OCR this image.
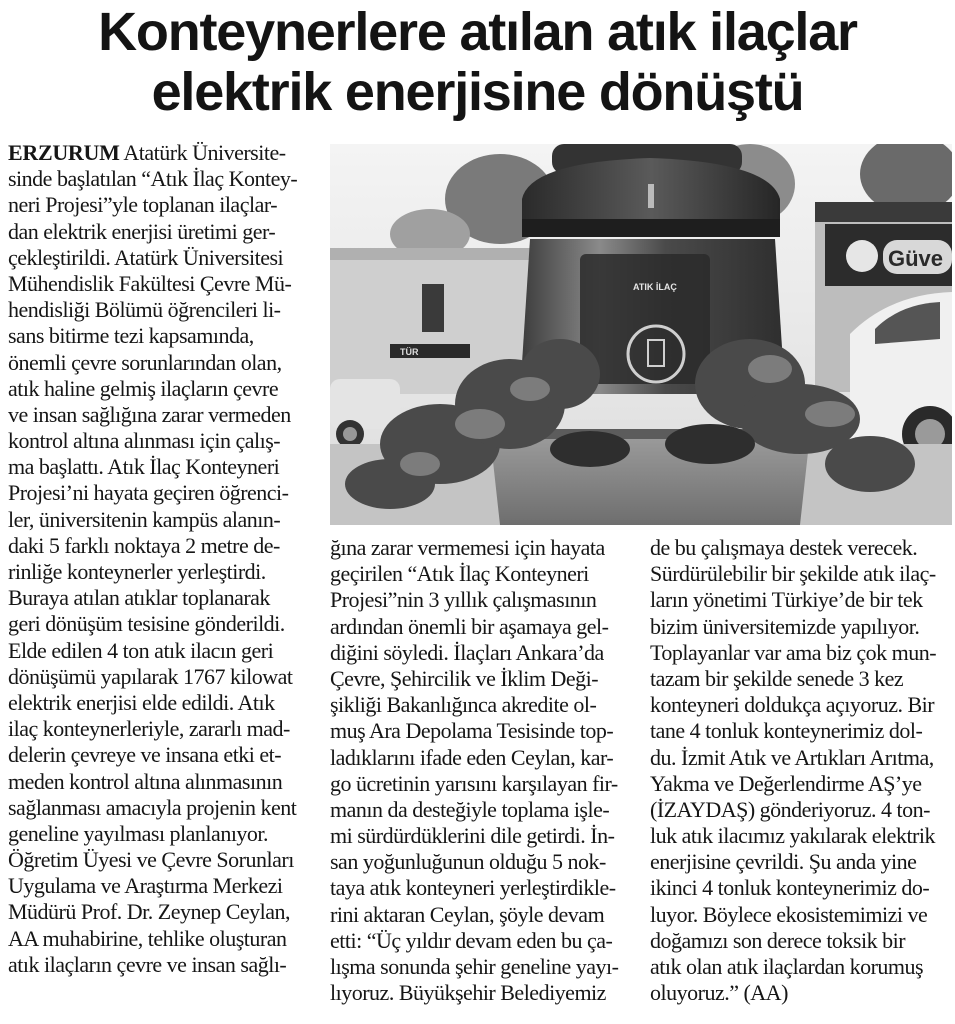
Konteynerlere atılan atık ilaçlar
elektrik enerjisine dönüştü
ERZURUM Atatürk Üniversite-
sinde başlatılan “Atık İlaç Kontey-
neri Projesi”yle toplanan ilaçlar-
dan elektrik enerjisi üretimi ger-
çekleştirildi. Atatürk Üniversitesi
Mühendislik Fakültesi Çevre Mü-
hendisliği Bölümü öğrencileri li-
sans bitirme tezi kapsamında,
önemli çevre sorunlarından olan,
atık haline gelmiş ilaçların çevre
ve insan sağlığına zarar vermeden
kontrol altına alınması için çalış-
ma başlattı. Atık İlaç Konteyneri
Projesi’ni hayata geçiren öğrenci-
ler, üniversitenin kampüs alanın-
daki 5 farklı noktaya 2 metre de-
rinliğe konteynerler yerleştirdi.
Buraya atılan atıklar toplanarak
geri dönüşüm tesisine gönderildi.
Elde edilen 4 ton atık ilacın geri
dönüşümü yapılarak 1767 kilowat
elektrik enerjisi elde edildi. Atık
ilaç konteynerleriyle, zararlı mad-
delerin çevreye ve insana etki et-
meden kontrol altına alınmasının
sağlanması amacıyla projenin kent
geneline yayılması planlanıyor.
Öğretim Üyesi ve Çevre Sorunları
Uygulama ve Araştırma Merkezi
Müdürü Prof. Dr. Zeynep Ceylan,
AA muhabirine, tehlike oluşturan
atık ilaçların çevre ve insan sağlı-
TÜR
Güve
ATIK İLAÇ
ğına zarar vermemesi için hayata
geçirilen “Atık İlaç Konteyneri
Projesi”nin 3 yıllık çalışmasının
ardından önemli bir aşamaya gel-
diğini söyledi. İlaçları Ankara’da
Çevre, Şehircilik ve İklim Deği-
şikliği Bakanlığınca akredite ol-
muş Ara Depolama Tesisinde top-
ladıklarını ifade eden Ceylan, kar-
go ücretinin yarısını karşılayan fir-
manın da desteğiyle toplama işle-
mi sürdürdüklerini dile getirdi. İn-
san yoğunluğunun olduğu 5 nok-
taya atık konteyneri yerleştirdikle-
rini aktaran Ceylan, şöyle devam
etti: “Üç yıldır devam eden bu ça-
lışma sonunda şehir geneline yayı-
lıyoruz. Büyükşehir Belediyemiz
de bu çalışmaya destek verecek.
Sürdürülebilir bir şekilde atık ilaç-
ların yönetimi Türkiye’de bir tek
bizim üniversitemizde yapılıyor.
Toplayanlar var ama biz çok mun-
tazam bir şekilde senede 3 kez
konteyneri doldukça açıyoruz. Bir
tane 4 tonluk konteynerimiz dol-
du. İzmit Atık ve Artıkları Arıtma,
Yakma ve Değerlendirme AŞ’ye
(İZAYDAŞ) gönderiyoruz. 4 ton-
luk atık ilacımız yakılarak elektrik
enerjisine çevrildi. Şu anda yine
ikinci 4 tonluk konteynerimiz do-
luyor. Böylece ekosistemimizi ve
doğamızı son derece toksik bir
atık olan atık ilaçlardan korumuş
oluyoruz.” (AA)
